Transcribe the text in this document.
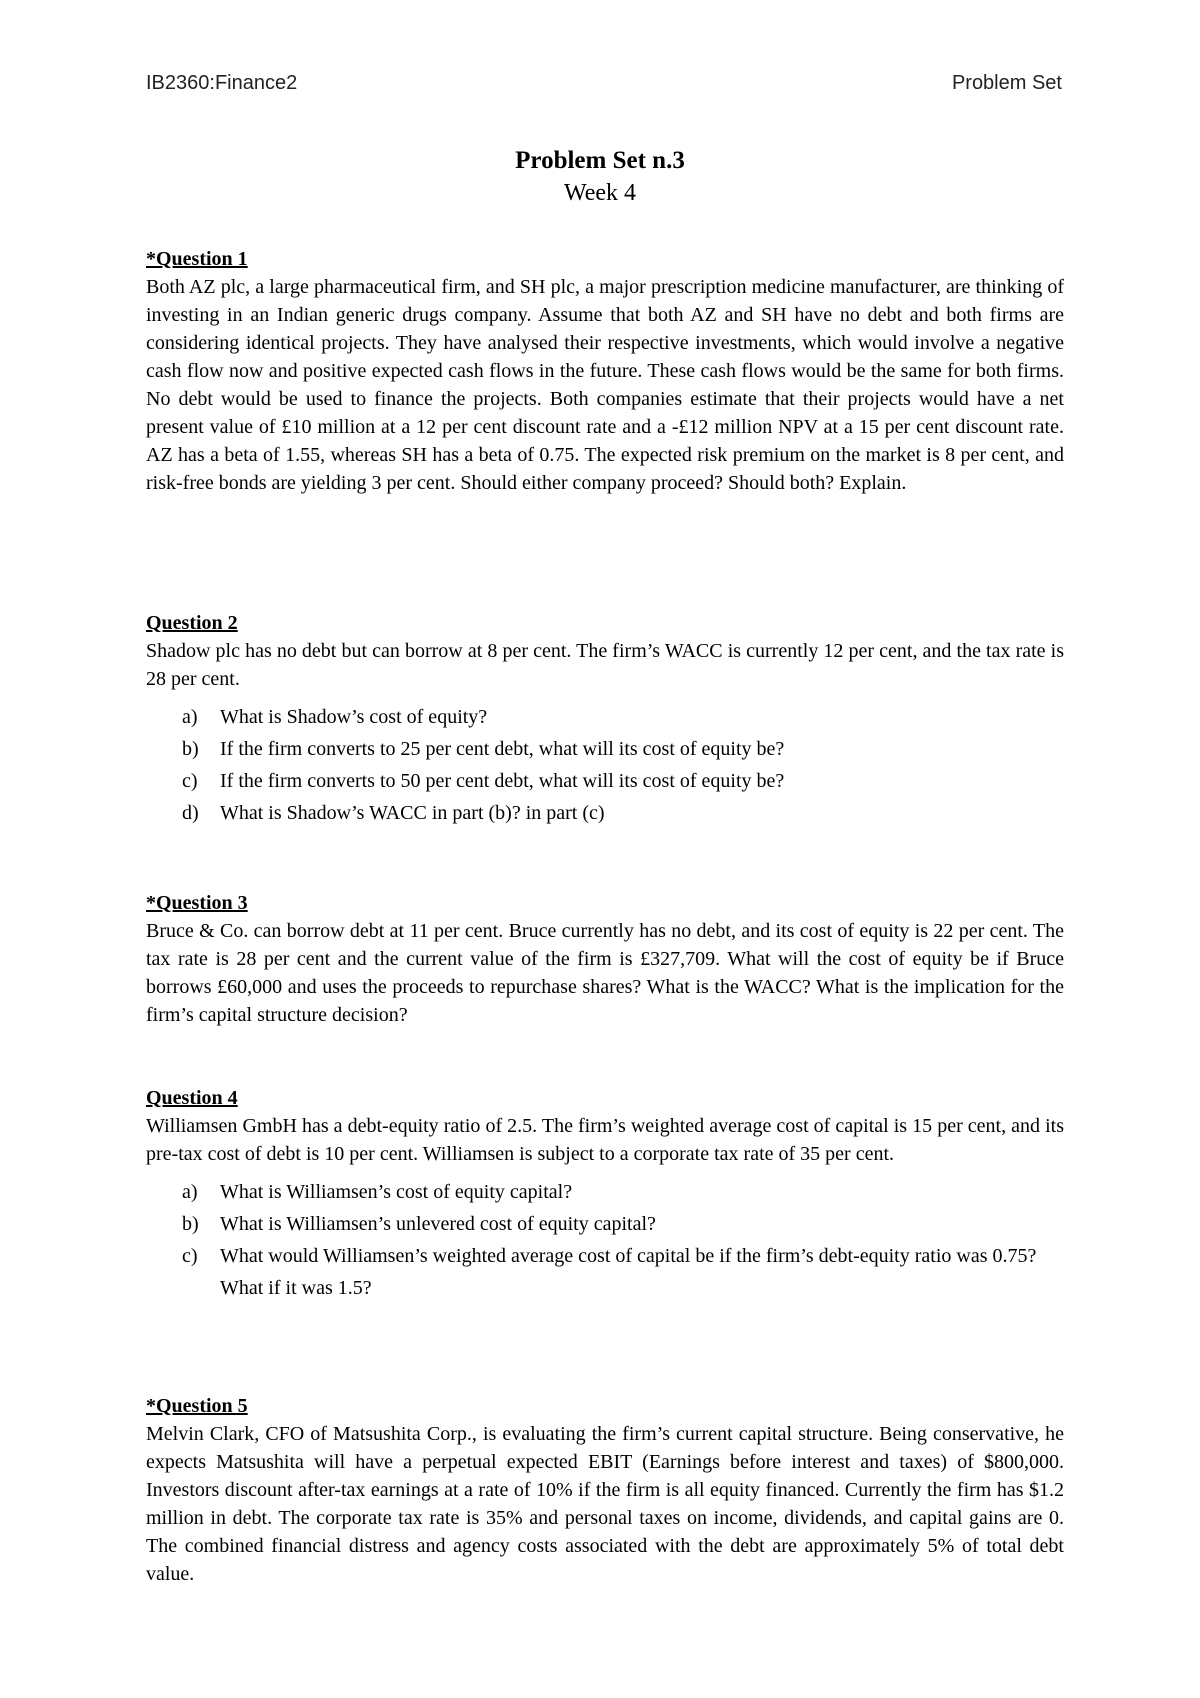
IB2360:Finance2	Problem Set
Problem Set n.3
Week 4
*Question 1

Both AZ plc, a large pharmaceutical firm, and SH plc, a major prescription medicine manufacturer, are thinking of investing in an Indian generic drugs company. Assume that both AZ and SH have no debt and both firms are considering identical projects. They have analysed their respective investments, which would involve a negative cash flow now and positive expected cash flows in the future. These cash flows would be the same for both firms. No debt would be used to finance the projects. Both companies estimate that their projects would have a net present value of £10 million at a 12 per cent discount rate and a -£12 million NPV at a 15 per cent discount rate. AZ has a beta of 1.55, whereas SH has a beta of 0.75. The expected risk premium on the market is 8 per cent, and risk-free bonds are yielding 3 per cent. Should either company proceed? Should both? Explain.

Question 2

Shadow plc has no debt but can borrow at 8 per cent. The firm’s WACC is currently 12 per cent, and the tax rate is 28 per cent.

a) What is Shadow’s cost of equity?
b) If the firm converts to 25 per cent debt, what will its cost of equity be?
c) If the firm converts to 50 per cent debt, what will its cost of equity be?
d) What is Shadow’s WACC in part (b)? in part (c)
*Question 3

Bruce & Co. can borrow debt at 11 per cent. Bruce currently has no debt, and its cost of equity is 22 per cent. The tax rate is 28 per cent and the current value of the firm is £327,709. What will the cost of equity be if Bruce borrows £60,000 and uses the proceeds to repurchase shares? What is the WACC? What is the implication for the firm’s capital structure decision?

Question 4

Williamsen GmbH has a debt-equity ratio of 2.5. The firm’s weighted average cost of capital is 15 per cent, and its pre-tax cost of debt is 10 per cent. Williamsen is subject to a corporate tax rate of 35 per cent.

a) What is Williamsen’s cost of equity capital?
b) What is Williamsen’s unlevered cost of equity capital?
c) What would Williamsen’s weighted average cost of capital be if the firm’s debt-equity ratio was 0.75? What if it was 1.5?
*Question 5

Melvin Clark, CFO of Matsushita Corp., is evaluating the firm’s current capital structure. Being conservative, he expects Matsushita will have a perpetual expected EBIT (Earnings before interest and taxes) of $800,000. Investors discount after-tax earnings at a rate of 10% if the firm is all equity financed. Currently the firm has $1.2 million in debt. The corporate tax rate is 35% and personal taxes on income, dividends, and capital gains are 0. The combined financial distress and agency costs associated with the debt are approximately 5% of total debt value.
